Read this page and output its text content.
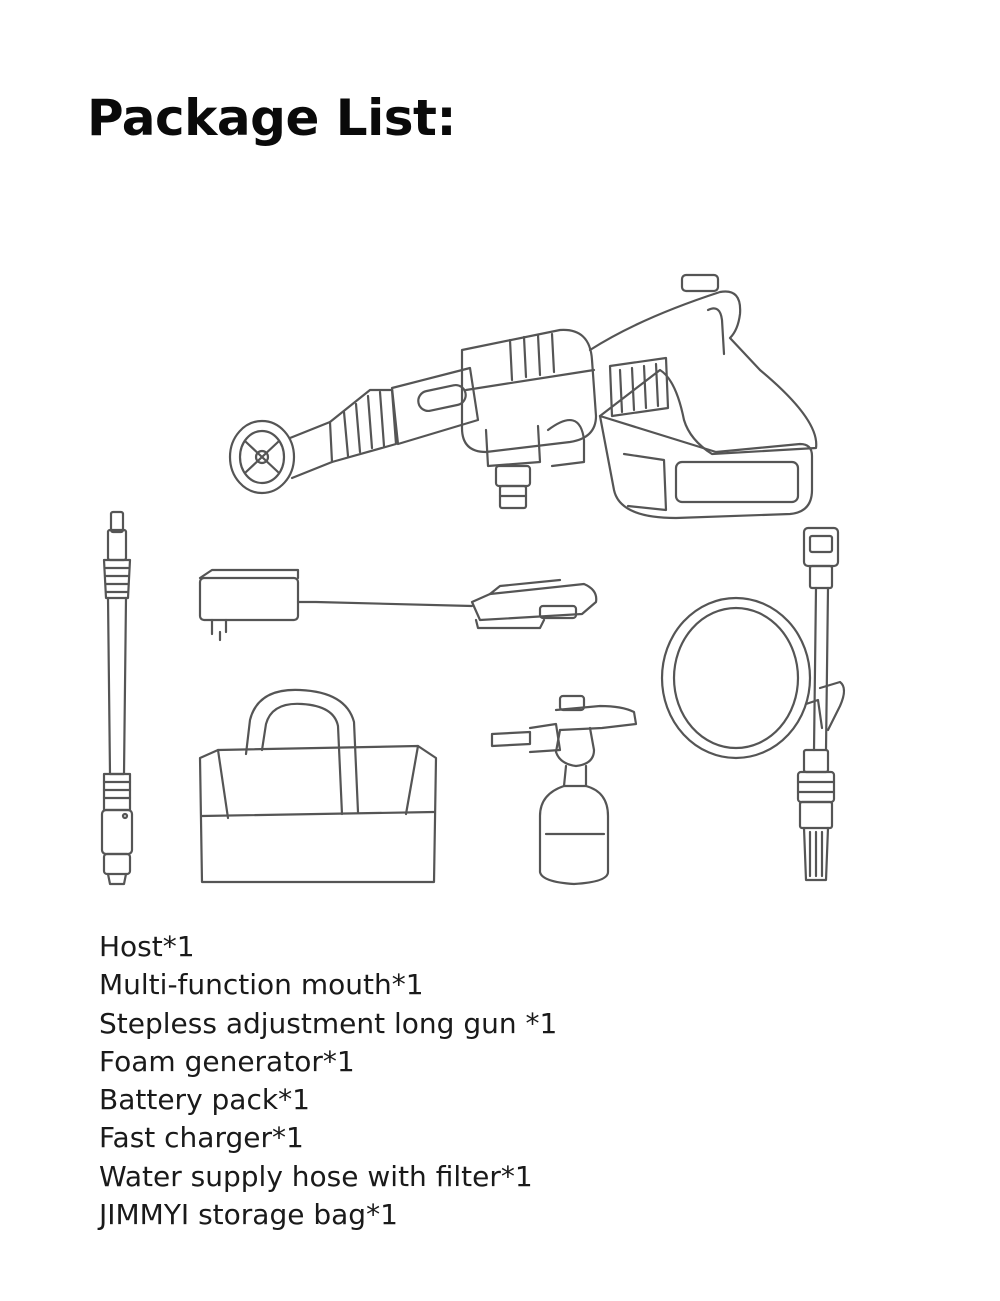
Package List:
Host*1
Multi-function mouth*1
Stepless adjustment long gun *1
Foam generator*1
Battery pack*1
Fast charger*1
Water supply hose with filter*1
JIMMYI storage bag*1
